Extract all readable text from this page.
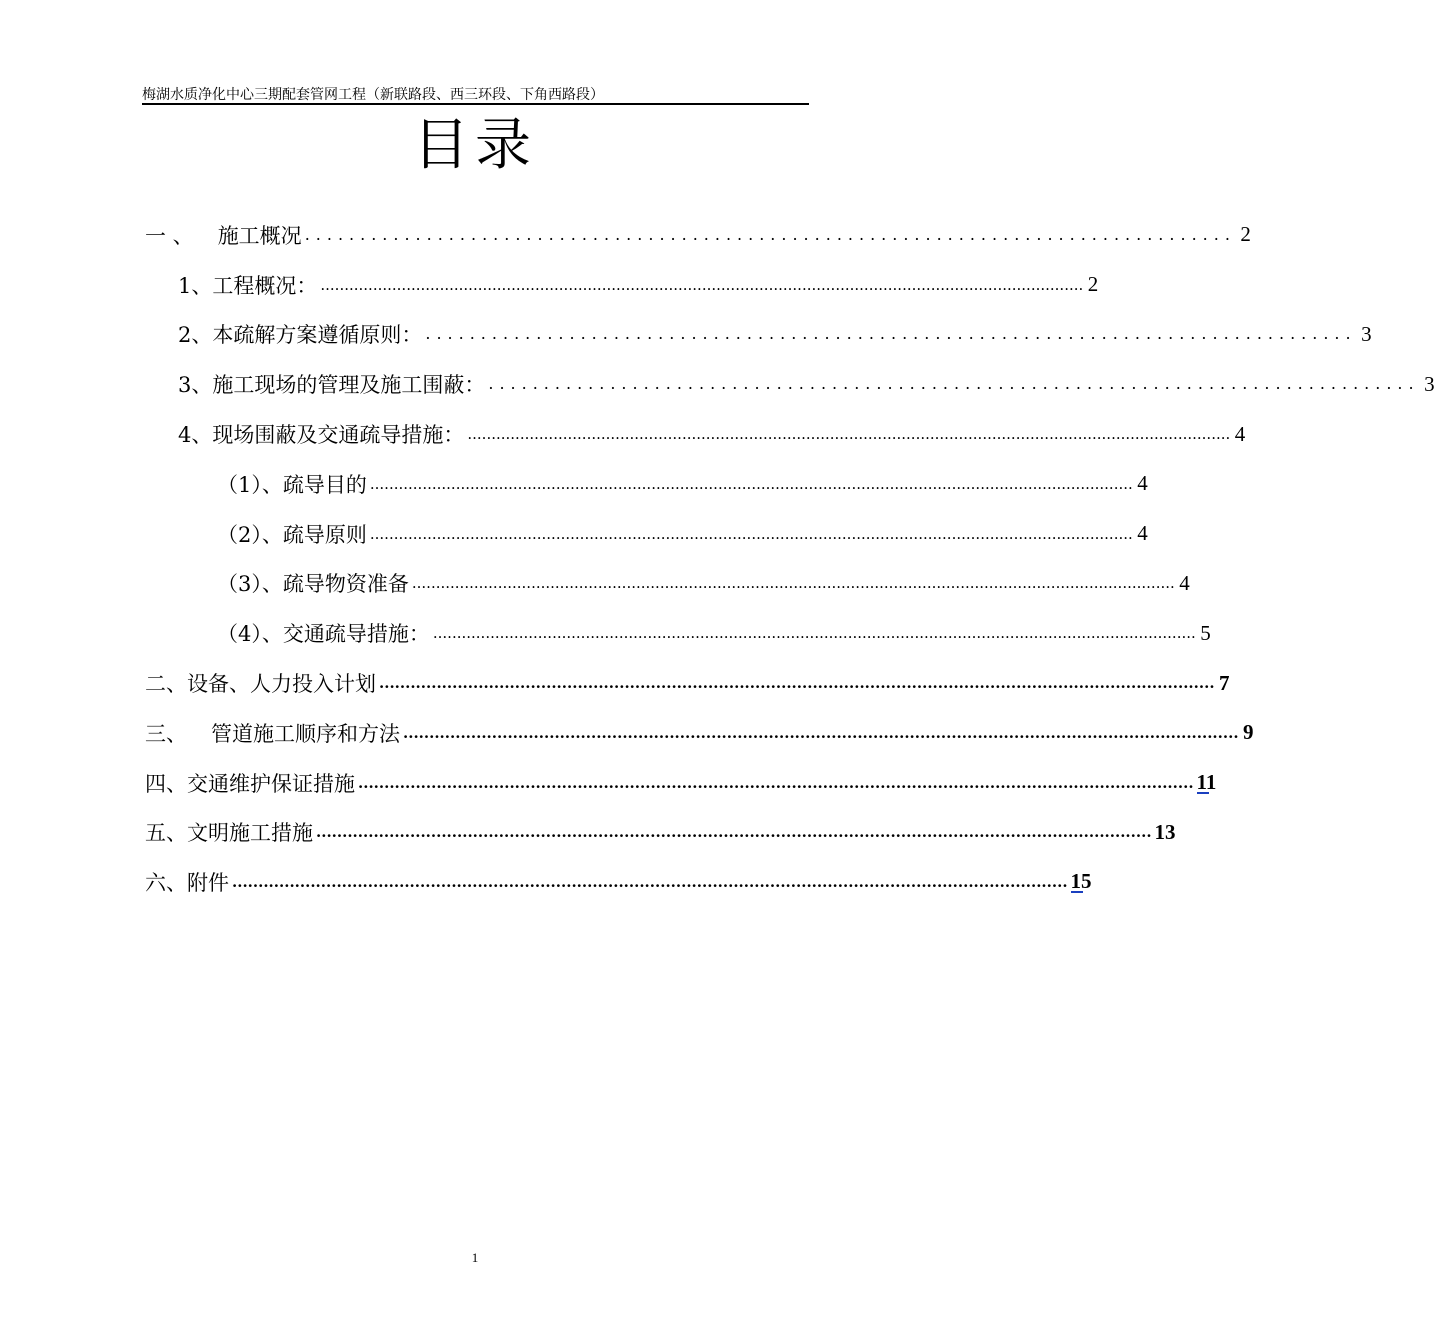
梅湖水质净化中心三期配套管网工程（新联路段、西三环段、下角西路段）
目录
一 、 施工概况 .................................................................................... 2
1、 工程概况： ................................................................................................................................................................ 2
2、 本疏解方案遵循原则： .................................................................................... 3
3、 施工现场的管理及施工围蔽： .................................................................................... 3
4、 现场围蔽及交通疏导措施： ................................................................................................................................................................ 4
（1）、 疏导目的 ................................................................................................................................................................ 4
（2）、 疏导原则 ................................................................................................................................................................ 4
（3）、 疏导物资准备 ................................................................................................................................................................ 4
（4）、 交通疏导措施： ................................................................................................................................................................ 5
二、 设备、人力投入计划 ................................................................................................................................................................ 7
三、 管道施工顺序和方法 ................................................................................................................................................................ 9
四、 交通维护保证措施 ................................................................................................................................................................ 11
五、 文明施工措施 ................................................................................................................................................................ 13
六、 附件 ................................................................................................................................................................ 15
1
